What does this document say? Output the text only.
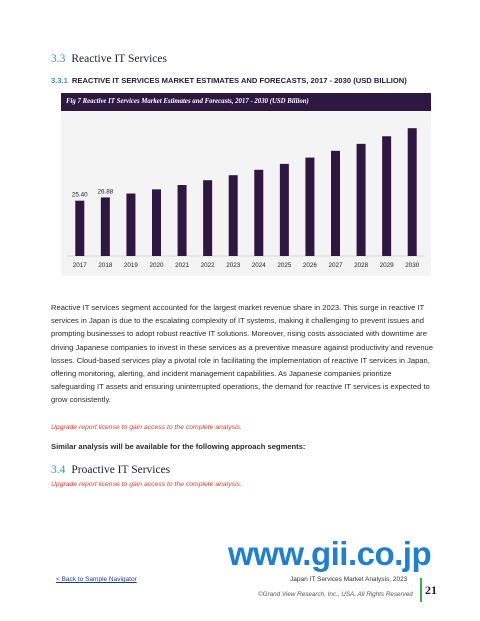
3.3 Reactive IT Services
3.3.1 REACTIVE IT SERVICES MARKET ESTIMATES AND FORECASTS, 2017 - 2030 (USD BILLION)
Fig 7 Reactive IT Services Market Estimates and Forecasts, 2017 - 2030 (USD Billion)
2017
25.40
2018
26.88
2019 2020 2021 2022 2023 2024 2025 2026 2027 2028 2029 2030
Reactive IT services segment accounted for the largest market revenue share in 2023. This surge in reactive IT services in Japan is due to the escalating complexity of IT systems, making it challenging to prevent issues and prompting businesses to adopt robust reactive IT solutions. Moreover, rising costs associated with downtime are driving Japanese companies to invest in these services as a preventive measure against productivity and revenue losses. Cloud-based services play a pivotal role in facilitating the implementation of reactive IT services in Japan, offering monitoring, alerting, and incident management capabilities. As Japanese companies prioritize safeguarding IT assets and ensuring uninterrupted operations, the demand for reactive IT services is expected to grow consistently.
Upgrade report license to gain access to the complete analysis.
Similar analysis will be available for the following approach segments:
3.4 Proactive IT Services
Upgrade report license to gain access to the complete analysis.
www.gii.co.jp
< Back to Sample Navigator	Japan IT Services Market Analysis, 2023
©Grand View Research, Inc., USA. All Rights Reserved 21
